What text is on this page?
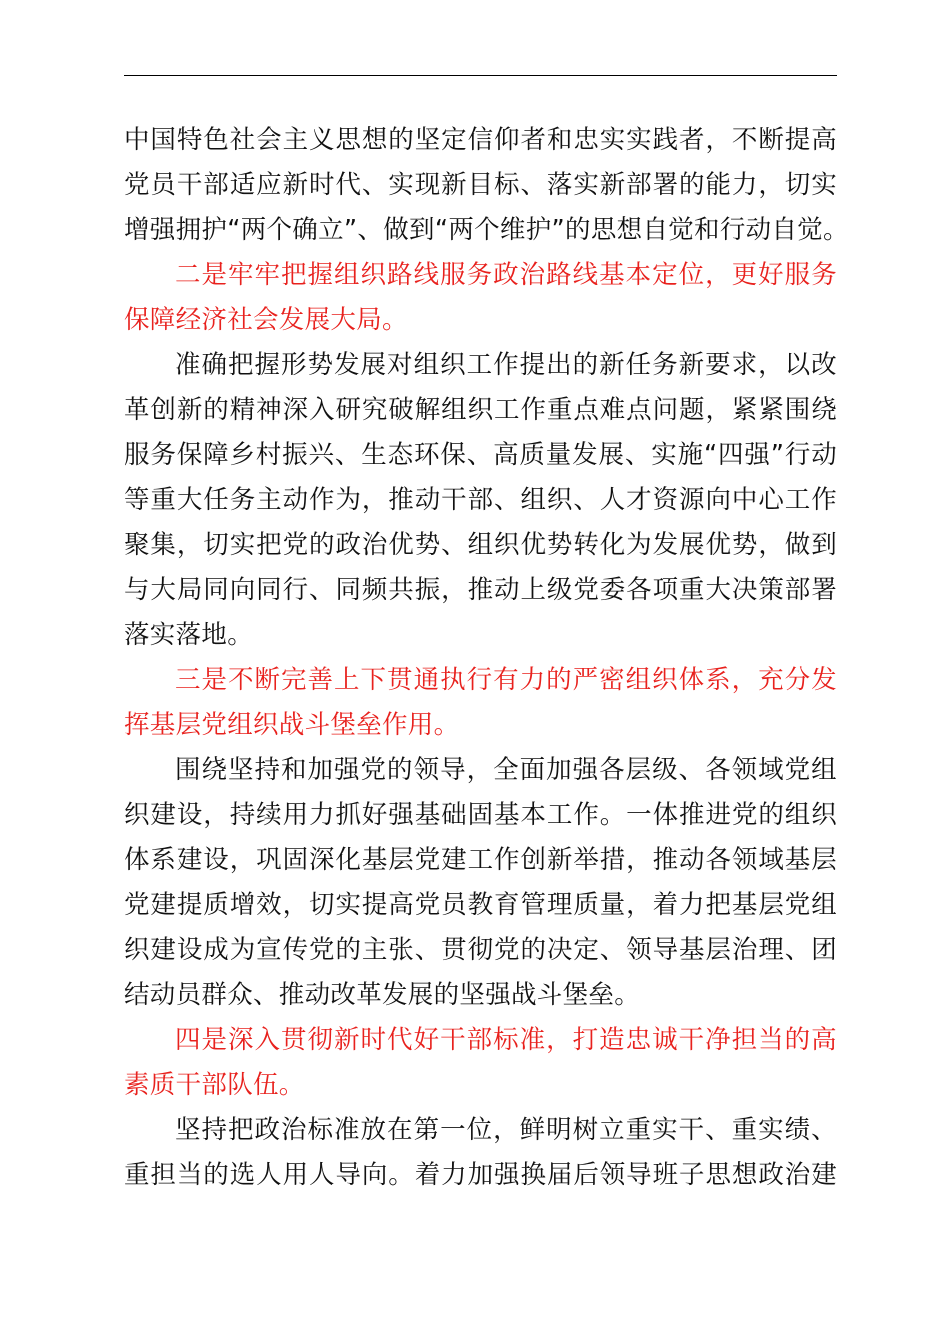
中国特色社会主义思想的坚定信仰者和忠实实践者，不断提高
党员干部适应新时代、实现新目标、落实新部署的能力，切实
增强拥护“两个确立”、做到“两个维护”的思想自觉和行动自觉。
二是牢牢把握组织路线服务政治路线基本定位，更好服务
保障经济社会发展大局。
准确把握形势发展对组织工作提出的新任务新要求，以改
革创新的精神深入研究破解组织工作重点难点问题，紧紧围绕
服务保障乡村振兴、生态环保、高质量发展、实施“四强”行动
等重大任务主动作为，推动干部、组织、人才资源向中心工作
聚集，切实把党的政治优势、组织优势转化为发展优势，做到
与大局同向同行、同频共振，推动上级党委各项重大决策部署
落实落地。
三是不断完善上下贯通执行有力的严密组织体系，充分发
挥基层党组织战斗堡垒作用。
围绕坚持和加强党的领导，全面加强各层级、各领域党组
织建设，持续用力抓好强基础固基本工作。一体推进党的组织
体系建设，巩固深化基层党建工作创新举措，推动各领域基层
党建提质增效，切实提高党员教育管理质量，着力把基层党组
织建设成为宣传党的主张、贯彻党的决定、领导基层治理、团
结动员群众、推动改革发展的坚强战斗堡垒。
四是深入贯彻新时代好干部标准，打造忠诚干净担当的高
素质干部队伍。
坚持把政治标准放在第一位，鲜明树立重实干、重实绩、
重担当的选人用人导向。着力加强换届后领导班子思想政治建
